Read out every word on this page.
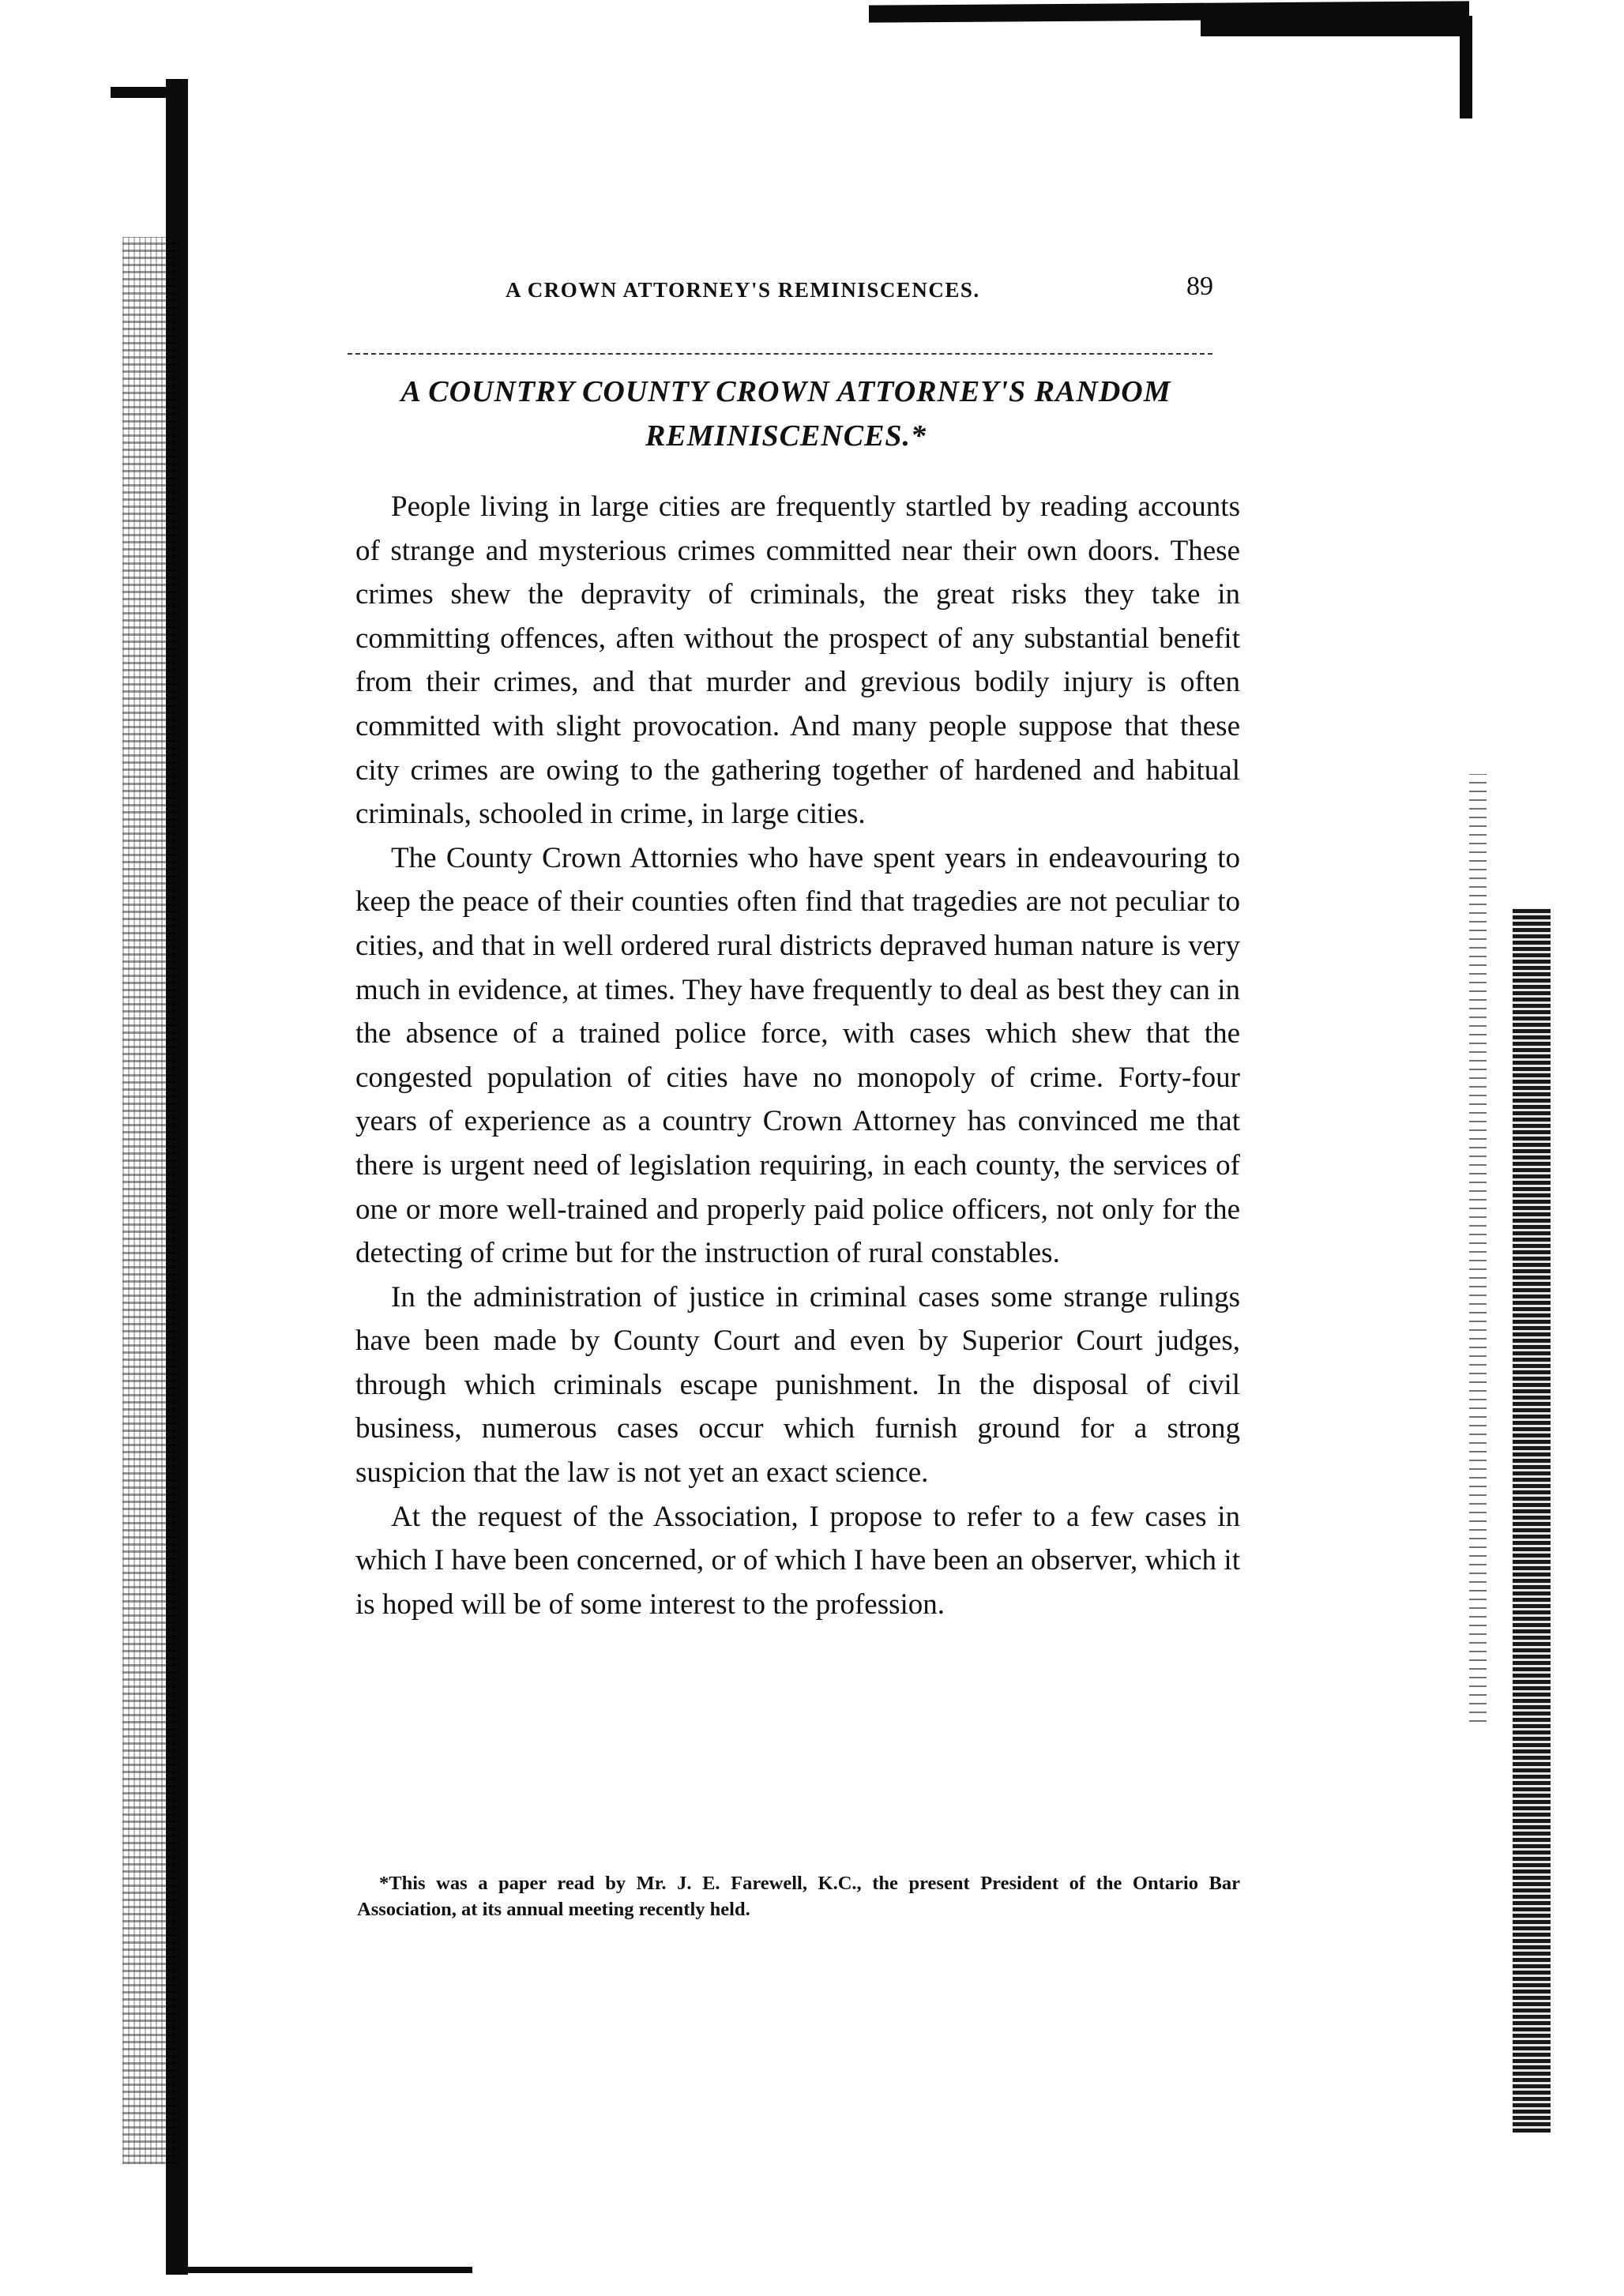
A CROWN ATTORNEY'S REMINISCENCES.	89
A COUNTRY COUNTY CROWN ATTORNEY'S RANDOM REMINISCENCES.*

People living in large cities are frequently startled by reading accounts of strange and mysterious crimes committed near their own doors. These crimes shew the depravity of criminals, the great risks they take in committing offences, aften without the prospect of any substantial benefit from their crimes, and that murder and grevious bodily injury is often committed with slight provocation. And many people suppose that these city crimes are owing to the gathering together of hardened and habitual criminals, schooled in crime, in large cities.

The County Crown Attornies who have spent years in endeavouring to keep the peace of their counties often find that tragedies are not peculiar to cities, and that in well ordered rural districts depraved human nature is very much in evidence, at times. They have frequently to deal as best they can in the absence of a trained police force, with cases which shew that the congested population of cities have no monopoly of crime. Forty-four years of experience as a country Crown Attorney has convinced me that there is urgent need of legislation requiring, in each county, the services of one or more well-trained and properly paid police officers, not only for the detecting of crime but for the instruction of rural constables.

In the administration of justice in criminal cases some strange rulings have been made by County Court and even by Superior Court judges, through which criminals escape punishment. In the disposal of civil business, numerous cases occur which furnish ground for a strong suspicion that the law is not yet an exact science.

At the request of the Association, I propose to refer to a few cases in which I have been concerned, or of which I have been an observer, which it is hoped will be of some interest to the profession.

*This was a paper read by Mr. J. E. Farewell, K.C., the present President of the Ontario Bar Association, at its annual meeting recently held.
